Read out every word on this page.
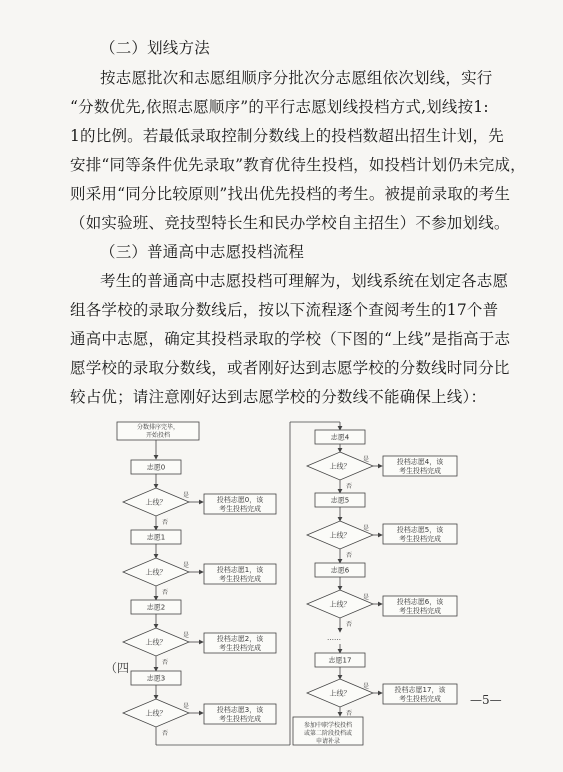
（二）划线方法
按志愿批次和志愿组顺序分批次分志愿组依次划线，实行
“分数优先,依照志愿顺序”的平行志愿划线投档方式,划线按1:
1的比例。若最低录取控制分数线上的投档数超出招生计划，先
安排“同等条件优先录取”教育优待生投档，如投档计划仍未完成，
则采用“同分比较原则”找出优先投档的考生。被提前录取的考生
（如实验班、竞技型特长生和民办学校自主招生）不参加划线。
（三）普通高中志愿投档流程
考生的普通高中志愿投档可理解为，划线系统在划定各志愿
组各学校的录取分数线后，按以下流程逐个查阅考生的17个普
通高中志愿，确定其投档录取的学校（下图的“上线”是指高于志
愿学校的录取分数线，或者刚好达到志愿学校的分数线时同分比
较占优；请注意刚好达到志愿学校的分数线不能确保上线）：
分数排序完毕，
开始投档
志愿0
上线？
是
投档志愿0，该
考生投档完成
否
志愿1
上线？
是
投档志愿1，该
考生投档完成
否
志愿2
上线？
是	投档志愿2，该
考生投档完成
否
志愿3
上线？
是	投档志愿3，该
考生投档完成
否
志愿4
上线？
是	投档志愿4，该
考生投档完成
否
志愿5
上线？
是	投档志愿5，该
考生投档完成
否
志愿6
上线？
是
投档志愿6，该
考生投档完成
否
……
志愿17
上线？
是	投档志愿17，该
考生投档完成
否
参加中职学校投档
或第二阶段投档或
申请补录
（四
—5—
